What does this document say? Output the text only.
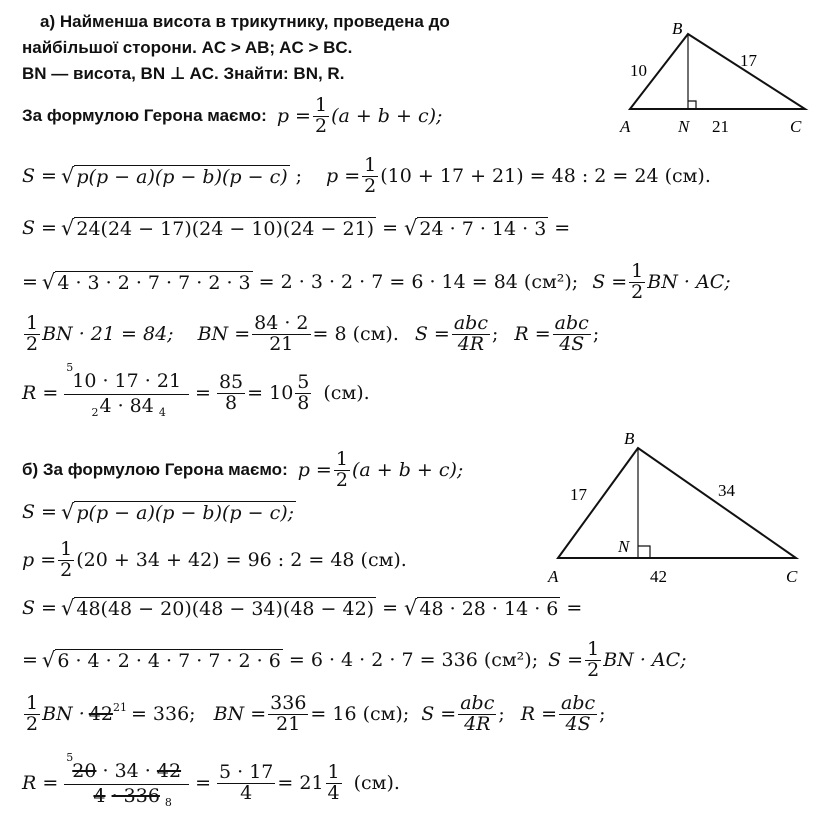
а) Найменша висота в трикутнику, проведена до
найбільшої сторони. AC > AB; AC > BC.
BN — висота, BN ⊥ AC. Знайти: BN, R.
За формулою Герона маємо: $p = \frac{1}{2} (a + b + c)$;
S = √ p(p − a)(p − b)(p − c) ; $p = \frac{1}{2} (10 + 17 + 21) = 48$ : 2 = 24 (см).
S = √ 24(24 − 17)(24 − 10)(24 − 21) = √ 24 · 7 · 14 · 3 =
= √ 4 · 3 · 2 · 7 · 7 · 2 · 3 = 2 · 3 · 2 · 7 = 6 · 14 = 84 (см²); $S = \frac{1}{2}$ BN · AC;
$\frac{1}{2}$ BN · 21 = 84; BN = $\frac{84 \cdot 2}{21} = 8$ (см). $S = \frac{\text{abc}}{4R}$ ; $R = \frac{\text{abc}}{4S}$ ;
R = 5
10 · 17 · 21
2 4 · 84 $4 = \frac{85}{8} = 10 \frac{5}{8} (см)$.
B
A	N	C
10
17
21
б) За формулою Герона маємо: $p = \frac{1}{2} (a + b + c)$;
S = √ p(p − a)(p − b)(p − c);
$p = \frac{1}{2} (20 + 34 + 42) = 96$ : 2 = 48 (см).
S = √ 48(48 − 20)(48 − 34)(48 − 42) = √ 48 · 28 · 14 · 6 =
= √ 6 · 4 · 2 · 4 · 7 · 7 · 2 · 6 = 6 · 4 · 2 · 7 = 336 (см²); $S = \frac{1}{2}$ BN · AC;
$\frac{1}{2}$ BN · $42^{21} = 336$; BN = $\frac{336}{21} = 16$ (см); $S = \frac{\text{abc}}{4R}$ ; $R = \frac{\text{abc}}{4S}$ ;
R = 5
20 · 34 · 42
4 · 336 $8 = \frac{5 \cdot 17}{4} = 21 \frac{1}{4} (см)$.
B
A
N
C
17	34
42
